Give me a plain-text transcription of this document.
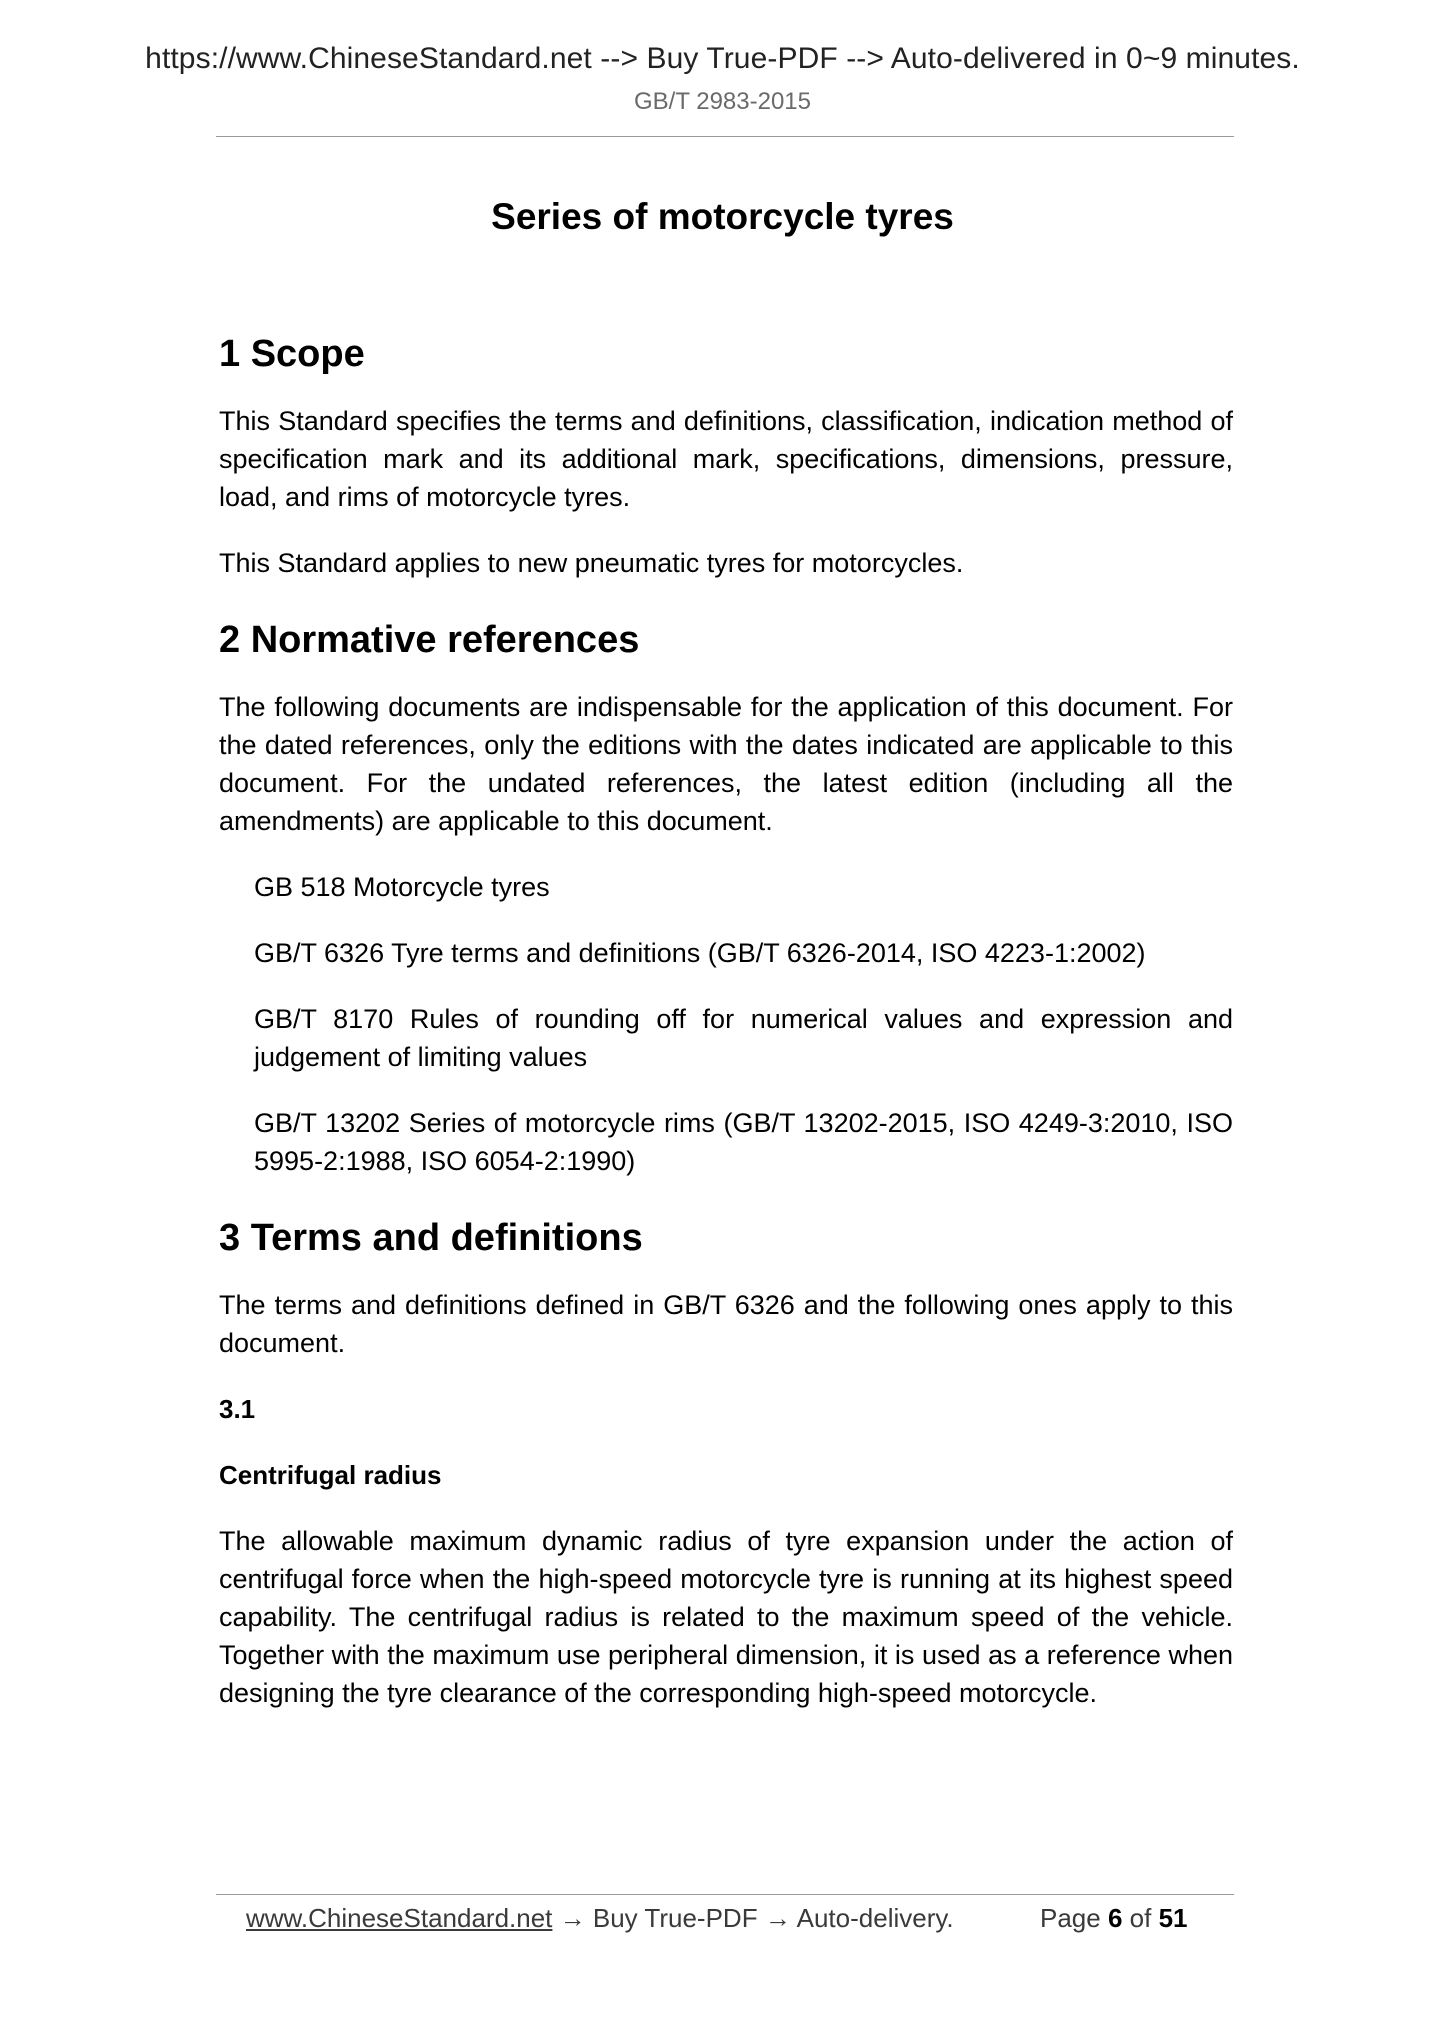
https://www.ChineseStandard.net --> Buy True-PDF --> Auto-delivered in 0~9 minutes.
GB/T 2983-2015
Series of motorcycle tyres
1 Scope

This Standard specifies the terms and definitions, classification, indication method of specification mark and its additional mark, specifications, dimensions, pressure, load, and rims of motorcycle tyres.

This Standard applies to new pneumatic tyres for motorcycles.

2 Normative references

The following documents are indispensable for the application of this document. For the dated references, only the editions with the dates indicated are applicable to this document. For the undated references, the latest edition (including all the amendments) are applicable to this document.

GB 518 Motorcycle tyres

GB/T 6326 Tyre terms and definitions (GB/T 6326-2014, ISO 4223-1:2002)

GB/T 8170 Rules of rounding off for numerical values and expression and judgement of limiting values

GB/T 13202 Series of motorcycle rims (GB/T 13202-2015, ISO 4249-3:2010, ISO 5995-2:1988, ISO 6054-2:1990)

3 Terms and definitions

The terms and definitions defined in GB/T 6326 and the following ones apply to this document.

3.1
Centrifugal radius

The allowable maximum dynamic radius of tyre expansion under the action of centrifugal force when the high-speed motorcycle tyre is running at its highest speed capability. The centrifugal radius is related to the maximum speed of the vehicle. Together with the maximum use peripheral dimension, it is used as a reference when designing the tyre clearance of the corresponding high-speed motorcycle.

www.ChineseStandard.net → Buy True-PDF → Auto-delivery.	Page 6 of 51
